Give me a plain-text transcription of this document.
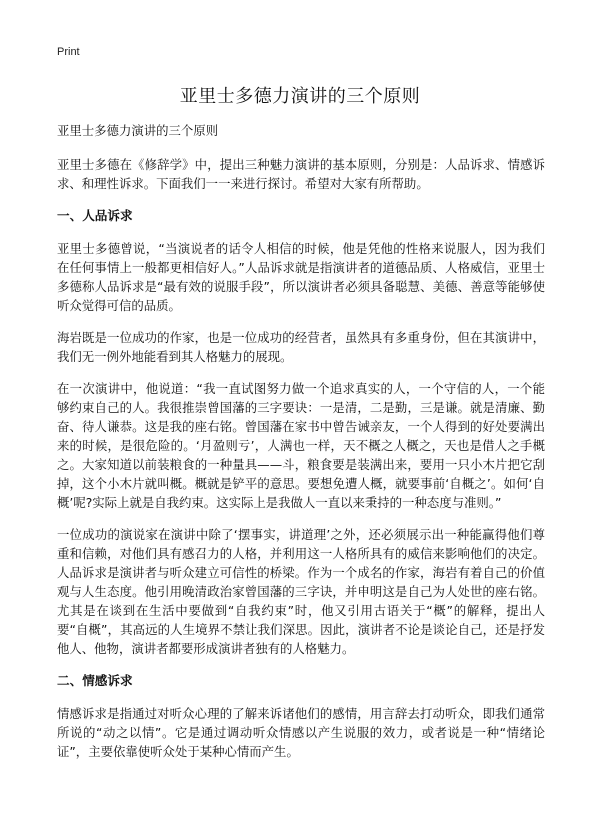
Print
亚里士多德力演讲的三个原则

亚里士多德力演讲的三个原则

亚里士多德在《修辞学》中，提出三种魅力演讲的基本原则，分别是：人品诉求、情感诉求、和理性诉求。下面我们一一来进行探讨。希望对大家有所帮助。

一、人品诉求

亚里士多德曾说，“当演说者的话令人相信的时候，他是凭他的性格来说服人，因为我们在任何事情上一般都更相信好人。”人品诉求就是指演讲者的道德品质、人格威信，亚里士多德称人品诉求是“最有效的说服手段”，所以演讲者必须具备聪慧、美德、善意等能够使听众觉得可信的品质。

海岩既是一位成功的作家，也是一位成功的经营者，虽然具有多重身份，但在其演讲中，我们无一例外地能看到其人格魅力的展现。

在一次演讲中，他说道：“我一直试图努力做一个追求真实的人，一个守信的人，一个能够约束自己的人。我很推崇曾国藩的三字要诀：一是清，二是勤，三是谦。就是清廉、勤奋、待人谦恭。这是我的座右铭。曾国藩在家书中曾告诫亲友，一个人得到的好处要满出来的时候，是很危险的。‘月盈则亏’，人满也一样，天不概之人概之，天也是借人之手概之。大家知道以前装粮食的一种量具——斗，粮食要是装满出来，要用一只小木片把它刮掉，这个小木片就叫概。概就是铲平的意思。要想免遭人概，就要事前‘自概之’。如何‘自概’呢?实际上就是自我约束。这实际上是我做人一直以来秉持的一种态度与准则。”

一位成功的演说家在演讲中除了‘摆事实，讲道理’之外，还必须展示出一种能赢得他们尊重和信赖，对他们具有感召力的人格，并利用这一人格所具有的威信来影响他们的决定。人品诉求是演讲者与听众建立可信性的桥梁。作为一个成名的作家，海岩有着自己的价值观与人生态度。他引用晚清政治家曾国藩的三字诀，并申明这是自己为人处世的座右铭。尤其是在谈到在生活中要做到“自我约束”时，他又引用古语关于“概”的解释，提出人要“自概”，其高远的人生境界不禁让我们深思。因此，演讲者不论是谈论自己，还是抒发他人、他物，演讲者都要形成演讲者独有的人格魅力。

二、情感诉求

情感诉求是指通过对听众心理的了解来诉诸他们的感情，用言辞去打动听众，即我们通常所说的“动之以情”。它是通过调动听众情感以产生说服的效力，或者说是一种“情绪论证”，主要依靠使听众处于某种心情而产生。
